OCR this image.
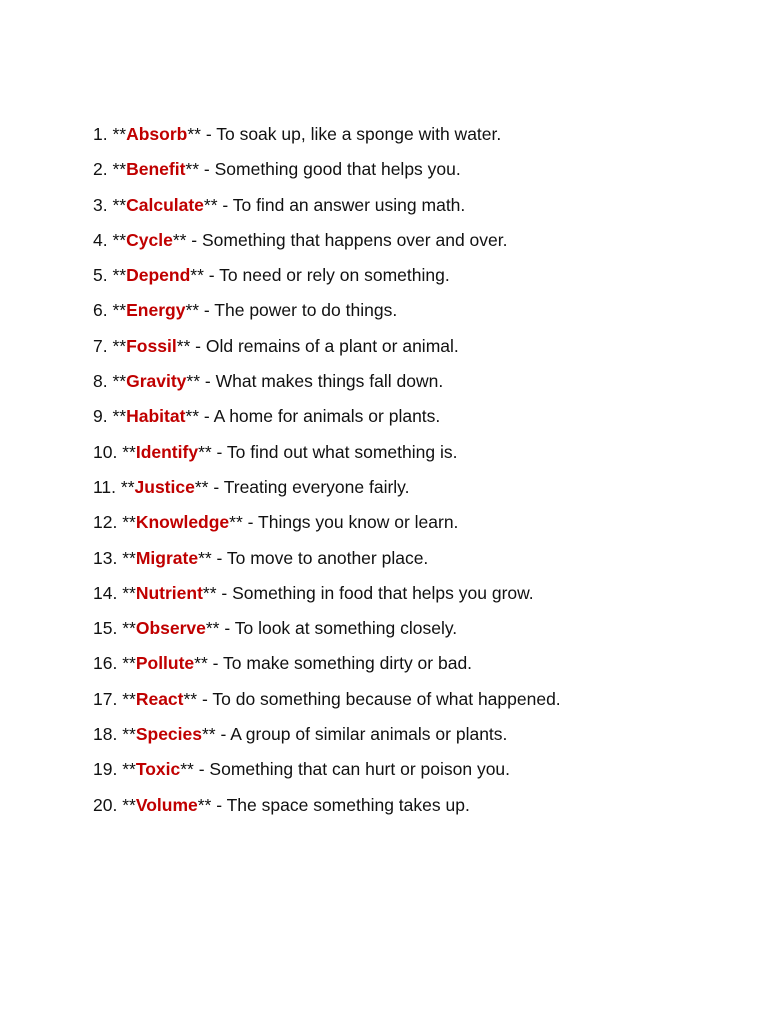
1. **Absorb** - To soak up, like a sponge with water.
2. **Benefit** - Something good that helps you.
3. **Calculate** - To find an answer using math.
4. **Cycle** - Something that happens over and over.
5. **Depend** - To need or rely on something.
6. **Energy** - The power to do things.
7. **Fossil** - Old remains of a plant or animal.
8. **Gravity** - What makes things fall down.
9. **Habitat** - A home for animals or plants.
10. **Identify** - To find out what something is.
11. **Justice** - Treating everyone fairly.
12. **Knowledge** - Things you know or learn.
13. **Migrate** - To move to another place.
14. **Nutrient** - Something in food that helps you grow.
15. **Observe** - To look at something closely.
16. **Pollute** - To make something dirty or bad.
17. **React** - To do something because of what happened.
18. **Species** - A group of similar animals or plants.
19. **Toxic** - Something that can hurt or poison you.
20. **Volume** - The space something takes up.
